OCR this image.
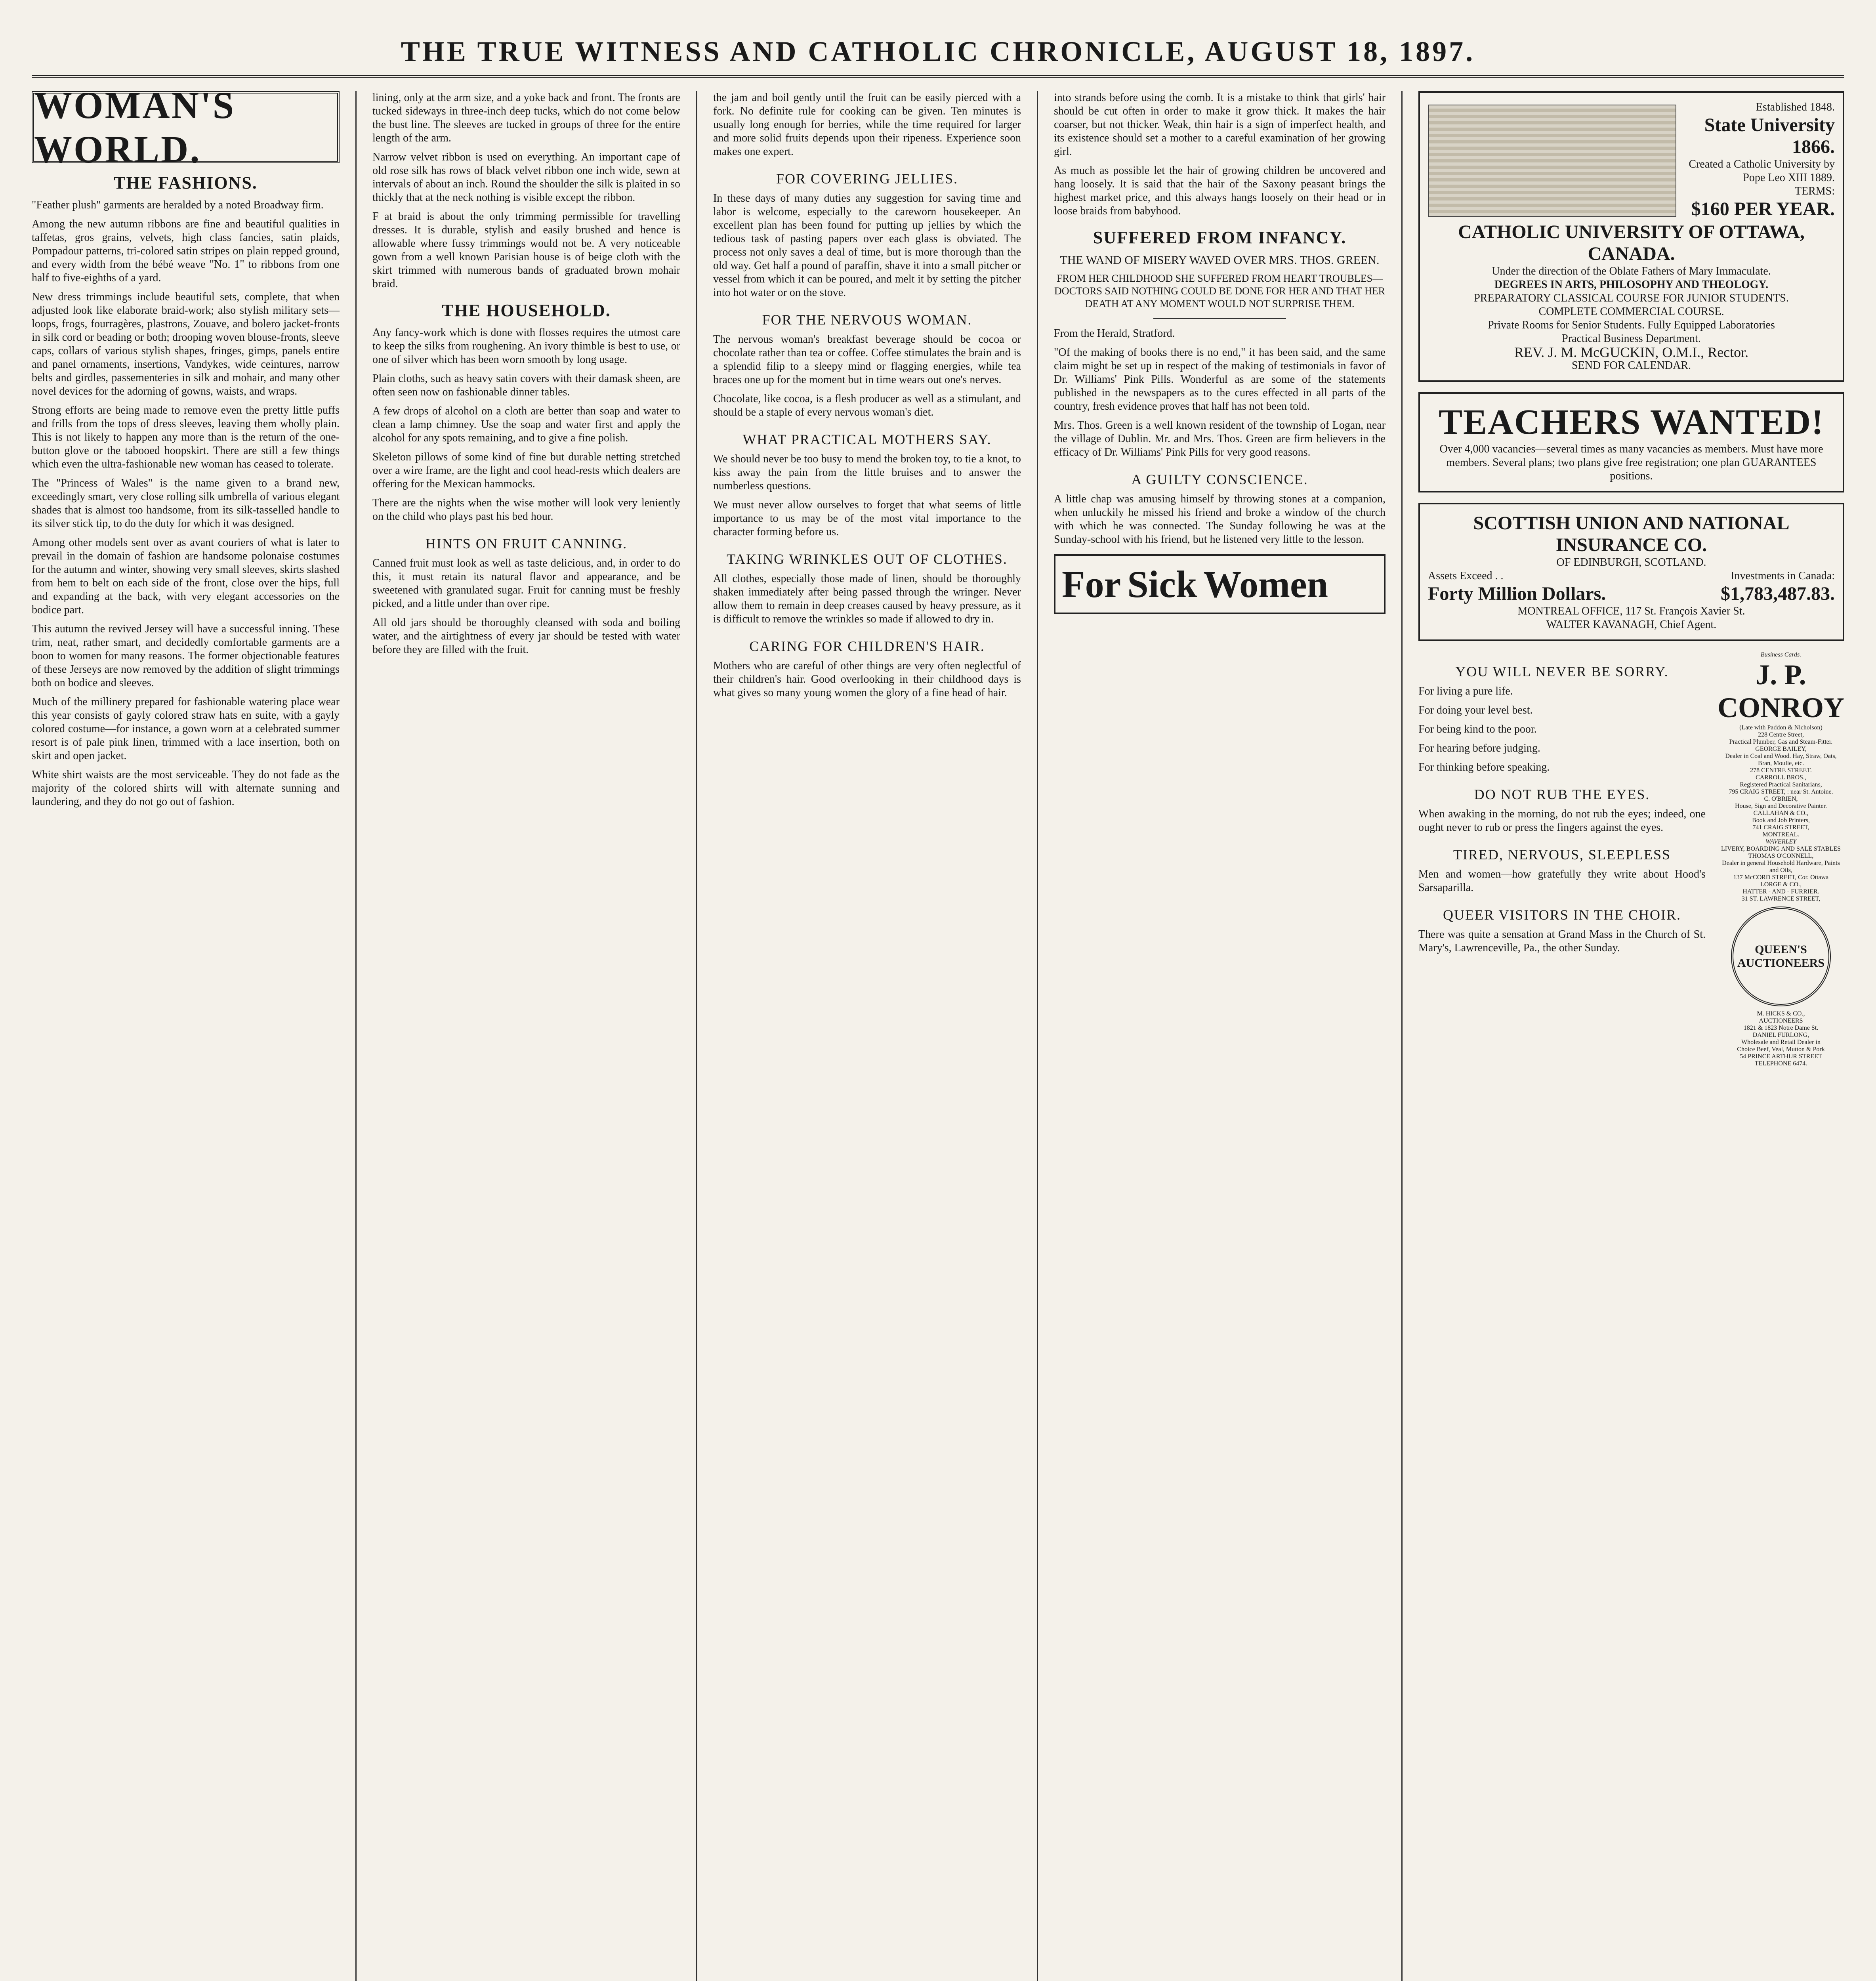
THE TRUE WITNESS AND CATHOLIC CHRONICLE, AUGUST 18, 1897.
WOMAN'S WORLD.
THE FASHIONS.

"Feather plush" garments are heralded by a noted Broadway firm.

Among the new autumn ribbons are fine and beautiful qualities in taffetas, gros grains, velvets, high class fancies, satin plaids, Pompadour patterns, tri-colored satin stripes on plain repped ground, and every width from the bébé weave "No. 1" to ribbons from one half to five-eighths of a yard.

New dress trimmings include beautiful sets, complete, that when adjusted look like elaborate braid-work; also stylish military sets—loops, frogs, fourragères, plastrons, Zouave, and bolero jacket-fronts in silk cord or beading or both; drooping woven blouse-fronts, sleeve caps, collars of various stylish shapes, fringes, gimps, panels entire and panel ornaments, insertions, Vandykes, wide ceintures, narrow belts and girdles, passementeries in silk and mohair, and many other novel devices for the adorning of gowns, waists, and wraps.

Strong efforts are being made to remove even the pretty little puffs and frills from the tops of dress sleeves, leaving them wholly plain. This is not likely to happen any more than is the return of the one-button glove or the tabooed hoopskirt. There are still a few things which even the ultra-fashionable new woman has ceased to tolerate.

The "Princess of Wales" is the name given to a brand new, exceedingly smart, very close rolling silk umbrella of various elegant shades that is almost too handsome, from its silk-tasselled handle to its silver stick tip, to do the duty for which it was designed.

Among other models sent over as avant couriers of what is later to prevail in the domain of fashion are handsome polonaise costumes for the autumn and winter, showing very small sleeves, skirts slashed from hem to belt on each side of the front, close over the hips, full and expanding at the back, with very elegant accessories on the bodice part.

This autumn the revived Jersey will have a successful inning. These trim, neat, rather smart, and decidedly comfortable garments are a boon to women for many reasons. The former objectionable features of these Jerseys are now removed by the addition of slight trimmings both on bodice and sleeves.

Much of the millinery prepared for fashionable watering place wear this year consists of gayly colored straw hats en suite, with a gayly colored costume—for instance, a gown worn at a celebrated summer resort is of pale pink linen, trimmed with a lace insertion, both on skirt and open jacket.

White shirt waists are the most serviceable. They do not fade as the majority of the colored shirts will with alternate sunning and laundering, and they do not go out of fashion.

lining, only at the arm size, and a yoke back and front. The fronts are tucked sideways in three-inch deep tucks, which do not come below the bust line. The sleeves are tucked in groups of three for the entire length of the arm.

Narrow velvet ribbon is used on everything. An important cape of old rose silk has rows of black velvet ribbon one inch wide, sewn at intervals of about an inch. Round the shoulder the silk is plaited in so thickly that at the neck nothing is visible except the ribbon.

F at braid is about the only trimming permissible for travelling dresses. It is durable, stylish and easily brushed and hence is allowable where fussy trimmings would not be. A very noticeable gown from a well known Parisian house is of beige cloth with the skirt trimmed with numerous bands of graduated brown mohair braid.

THE HOUSEHOLD.

Any fancy-work which is done with flosses requires the utmost care to keep the silks from roughening. An ivory thimble is best to use, or one of silver which has been worn smooth by long usage.

Plain cloths, such as heavy satin covers with their damask sheen, are often seen now on fashionable dinner tables.

A few drops of alcohol on a cloth are better than soap and water to clean a lamp chimney. Use the soap and water first and apply the alcohol for any spots remaining, and to give a fine polish.

Skeleton pillows of some kind of fine but durable netting stretched over a wire frame, are the light and cool head-rests which dealers are offering for the Mexican hammocks.

There are the nights when the wise mother will look very leniently on the child who plays past his bed hour.

HINTS ON FRUIT CANNING.

Canned fruit must look as well as taste delicious, and, in order to do this, it must retain its natural flavor and appearance, and be sweetened with granulated sugar. Fruit for canning must be freshly picked, and a little under than over ripe.

All old jars should be thoroughly cleansed with soda and boiling water, and the airtightness of every jar should be tested with water before they are filled with the fruit.

the jam and boil gently until the fruit can be easily pierced with a fork. No definite rule for cooking can be given. Ten minutes is usually long enough for berries, while the time required for larger and more solid fruits depends upon their ripeness. Experience soon makes one expert.

FOR COVERING JELLIES.

In these days of many duties any suggestion for saving time and labor is welcome, especially to the careworn housekeeper. An excellent plan has been found for putting up jellies by which the tedious task of pasting papers over each glass is obviated. The process not only saves a deal of time, but is more thorough than the old way. Get half a pound of paraffin, shave it into a small pitcher or vessel from which it can be poured, and melt it by setting the pitcher into hot water or on the stove.

FOR THE NERVOUS WOMAN.

The nervous woman's breakfast beverage should be cocoa or chocolate rather than tea or coffee. Coffee stimulates the brain and is a splendid filip to a sleepy mind or flagging energies, while tea braces one up for the moment but in time wears out one's nerves.

Chocolate, like cocoa, is a flesh producer as well as a stimulant, and should be a staple of every nervous woman's diet.

WHAT PRACTICAL MOTHERS SAY.

We should never be too busy to mend the broken toy, to tie a knot, to kiss away the pain from the little bruises and to answer the numberless questions.

We must never allow ourselves to forget that what seems of little importance to us may be of the most vital importance to the character forming before us.

TAKING WRINKLES OUT OF CLOTHES.

All clothes, especially those made of linen, should be thoroughly shaken immediately after being passed through the wringer. Never allow them to remain in deep creases caused by heavy pressure, as it is difficult to remove the wrinkles so made if allowed to dry in.

CARING FOR CHILDREN'S HAIR.

Mothers who are careful of other things are very often neglectful of their children's hair. Good overlooking in their childhood days is what gives so many young women the glory of a fine head of hair.

into strands before using the comb. It is a mistake to think that girls' hair should be cut often in order to make it grow thick. It makes the hair coarser, but not thicker. Weak, thin hair is a sign of imperfect health, and its existence should set a mother to a careful examination of her growing girl.

As much as possible let the hair of growing children be uncovered and hang loosely. It is said that the hair of the Saxony peasant brings the highest market price, and this always hangs loosely on their head or in loose braids from babyhood.

SUFFERED FROM INFANCY.
THE WAND OF MISERY WAVED OVER MRS. THOS. GREEN.
FROM HER CHILDHOOD SHE SUFFERED FROM HEART TROUBLES—DOCTORS SAID NOTHING COULD BE DONE FOR HER AND THAT HER DEATH AT ANY MOMENT WOULD NOT SURPRISE THEM.

From the Herald, Stratford.

"Of the making of books there is no end," it has been said, and the same claim might be set up in respect of the making of testimonials in favor of Dr. Williams' Pink Pills. Wonderful as are some of the statements published in the newspapers as to the cures effected in all parts of the country, fresh evidence proves that half has not been told.

Mrs. Thos. Green is a well known resident of the township of Logan, near the village of Dublin. Mr. and Mrs. Thos. Green are firm believers in the efficacy of Dr. Williams' Pink Pills for very good reasons.

A GUILTY CONSCIENCE.

A little chap was amusing himself by throwing stones at a companion, when unluckily he missed his friend and broke a window of the church with which he was connected. The Sunday following he was at the Sunday-school with his friend, but he listened very little to the lesson.

For Sick Women
Established 1848.
State University 1866.
Created a Catholic University by Pope Leo XIII 1889.
TERMS:
$160 PER YEAR.
CATHOLIC UNIVERSITY OF OTTAWA, CANADA.
Under the direction of the Oblate Fathers of Mary Immaculate.
DEGREES IN ARTS, PHILOSOPHY AND THEOLOGY.
PREPARATORY CLASSICAL COURSE FOR JUNIOR STUDENTS.
COMPLETE COMMERCIAL COURSE.
Private Rooms for Senior Students. Fully Equipped Laboratories
Practical Business Department.
REV. J. M. McGUCKIN, O.M.I., Rector.
SEND FOR CALENDAR.
TEACHERS WANTED!
Over 4,000 vacancies—several times as many vacancies as members. Must have more members. Several plans; two plans give free registration; one plan GUARANTEES positions.
SCOTTISH UNION AND NATIONAL INSURANCE CO.
OF EDINBURGH, SCOTLAND.
Assets Exceed . .	Investments in Canada:
Forty Million Dollars.	$1,783,487.83.
MONTREAL OFFICE, 117 St. François Xavier St.
WALTER KAVANAGH, Chief Agent.
YOU WILL NEVER BE SORRY.

For living a pure life.

For doing your level best.

For being kind to the poor.

For hearing before judging.

For thinking before speaking.

DO NOT RUB THE EYES.

When awaking in the morning, do not rub the eyes; indeed, one ought never to rub or press the fingers against the eyes.

TIRED, NERVOUS, SLEEPLESS

Men and women—how gratefully they write about Hood's Sarsaparilla.

QUEER VISITORS IN THE CHOIR.

There was quite a sensation at Grand Mass in the Church of St. Mary's, Lawrenceville, Pa., the other Sunday.

Business Cards.
J. P. CONROY
(Late with Paddon & Nicholson)
228 Centre Street,
Practical Plumber, Gas and Steam-Fitter.
GEORGE BAILEY,
Dealer in Coal and Wood. Hay, Straw, Oats, Bran, Moulie, etc.
278 CENTRE STREET.
CARROLL BROS.,
Registered Practical Sanitarians,
795 CRAIG STREET, : near St. Antoine.
C. O'BRIEN,
House, Sign and Decorative Painter.
CALLAHAN & CO.,
Book and Job Printers,
741 CRAIG STREET,
MONTREAL.
WAVERLEY
LIVERY, BOARDING AND SALE STABLES
THOMAS O'CONNELL,
Dealer in general Household Hardware, Paints and Oils,
137 McCORD STREET, Cor. Ottawa
LORGE & CO.,
HATTER - AND - FURRIER.
31 ST. LAWRENCE STREET,
QUEEN'S AUCTIONEERS
M. HICKS & CO.,
AUCTIONEERS
1821 & 1823 Notre Dame St.
DANIEL FURLONG,
Wholesale and Retail Dealer in
Choice Beef, Veal, Mutton & Pork
54 PRINCE ARTHUR STREET
TELEPHONE 6474.
